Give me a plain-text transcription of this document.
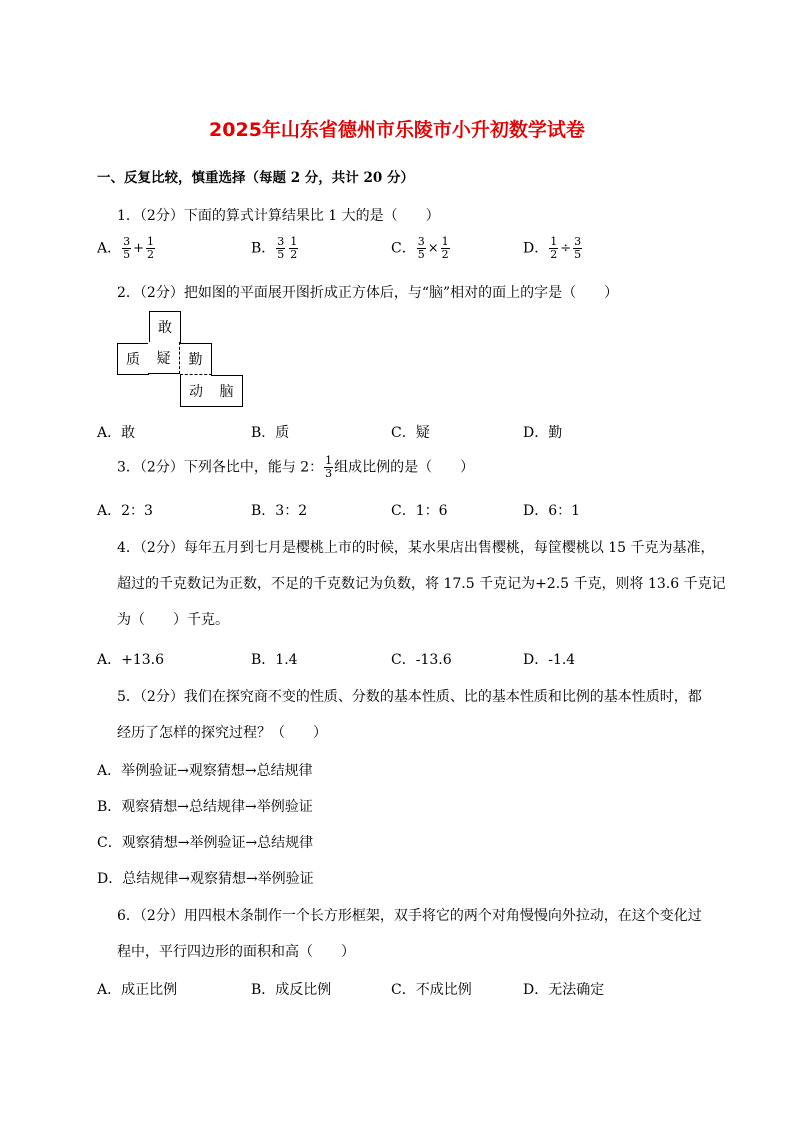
2025年山东省德州市乐陵市小升初数学试卷
一、反复比较，慎重选择（每题 2 分，共计 20 分）
1．（2分）下面的算式计算结果比 1 大的是（　　）
A． $\frac{3}{5} + \frac{1}{2}$	B． $\frac{3}{5} \frac{1}{2}$	C． $\frac{3}{5} \times \frac{1}{2}$	D． $\frac{1}{2} \div \frac{3}{5}$
2．（2分）把如图的平面展开图折成正方体后，与“脑”相对的面上的字是（　　）
敢
质	疑	勤
动	脑
A．敢	B．质	C．疑	D．勤
3．（2分）下列各比中，能与 2： $\frac{1}{3}$ 组成比例的是（　　）
A．2：3	B．3：2	C．1：6	D．6：1
4．（2分）每年五月到七月是樱桃上市的时候，某水果店出售樱桃，每筐樱桃以 15 千克为基准，
超过的千克数记为正数，不足的千克数记为负数，将 17.5 千克记为+2.5 千克，则将 13.6 千克记
为（　　）千克。
A．+13.6	B．1.4	C．-13.6	D．-1.4
5．（2分）我们在探究商不变的性质、分数的基本性质、比的基本性质和比例的基本性质时，都
经历了怎样的探究过程？（　　）
A．举例验证→观察猜想→总结规律
B．观察猜想→总结规律→举例验证
C．观察猜想→举例验证→总结规律
D．总结规律→观察猜想→举例验证
6．（2分）用四根木条制作一个长方形框架，双手将它的两个对角慢慢向外拉动，在这个变化过
程中，平行四边形的面积和高（　　）
A．成正比例	B．成反比例	C．不成比例	D．无法确定
